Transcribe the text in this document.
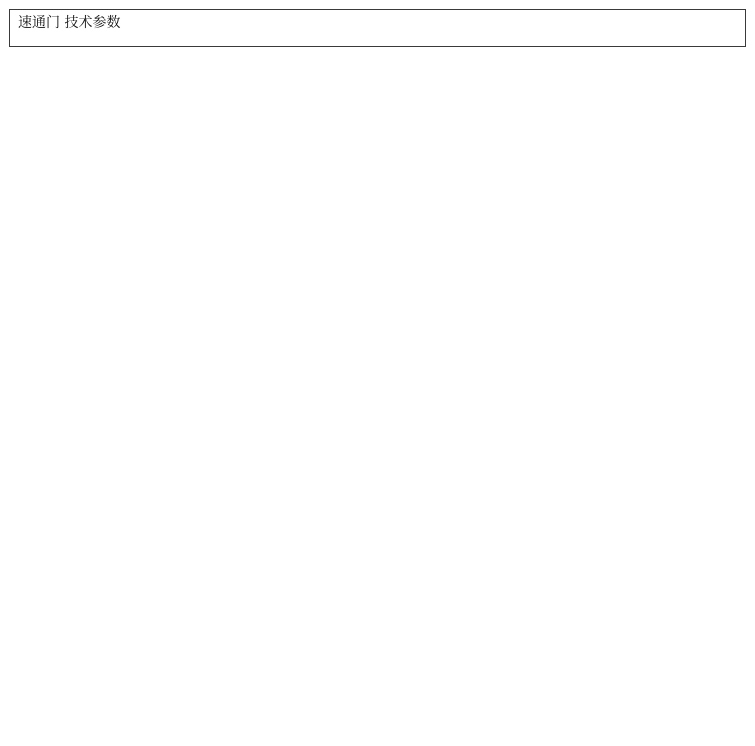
速通门 技术参数
